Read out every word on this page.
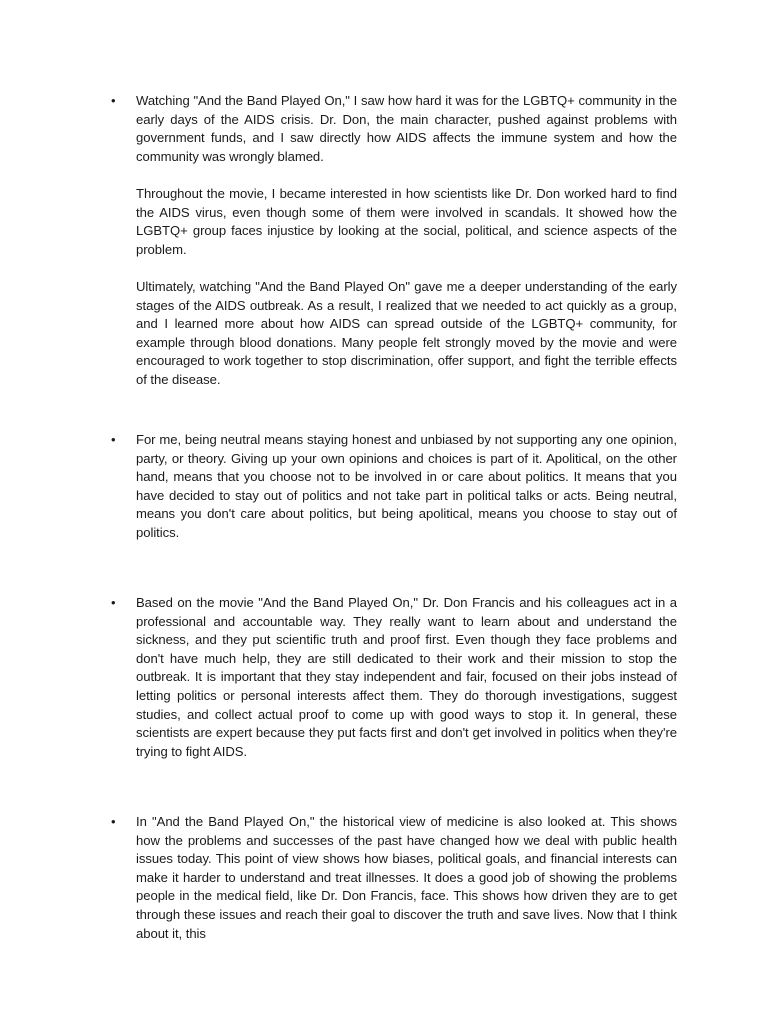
• Watching "And the Band Played On," I saw how hard it was for the LGBTQ+ community in the early days of the AIDS crisis. Dr. Don, the main character, pushed against problems with government funds, and I saw directly how AIDS affects the immune system and how the community was wrongly blamed.

Throughout the movie, I became interested in how scientists like Dr. Don worked hard to find the AIDS virus, even though some of them were involved in scandals. It showed how the LGBTQ+ group faces injustice by looking at the social, political, and science aspects of the problem.

Ultimately, watching "And the Band Played On" gave me a deeper understanding of the early stages of the AIDS outbreak. As a result, I realized that we needed to act quickly as a group, and I learned more about how AIDS can spread outside of the LGBTQ+ community, for example through blood donations. Many people felt strongly moved by the movie and were encouraged to work together to stop discrimination, offer support, and fight the terrible effects of the disease.

• For me, being neutral means staying honest and unbiased by not supporting any one opinion, party, or theory. Giving up your own opinions and choices is part of it. Apolitical, on the other hand, means that you choose not to be involved in or care about politics. It means that you have decided to stay out of politics and not take part in political talks or acts. Being neutral, means you don't care about politics, but being apolitical, means you choose to stay out of politics.

• Based on the movie "And the Band Played On," Dr. Don Francis and his colleagues act in a professional and accountable way. They really want to learn about and understand the sickness, and they put scientific truth and proof first. Even though they face problems and don't have much help, they are still dedicated to their work and their mission to stop the outbreak. It is important that they stay independent and fair, focused on their jobs instead of letting politics or personal interests affect them. They do thorough investigations, suggest studies, and collect actual proof to come up with good ways to stop it. In general, these scientists are expert because they put facts first and don't get involved in politics when they're trying to fight AIDS.

• In "And the Band Played On," the historical view of medicine is also looked at. This shows how the problems and successes of the past have changed how we deal with public health issues today. This point of view shows how biases, political goals, and financial interests can make it harder to understand and treat illnesses. It does a good job of showing the problems people in the medical field, like Dr. Don Francis, face. This shows how driven they are to get through these issues and reach their goal to discover the truth and save lives. Now that I think about it, this
